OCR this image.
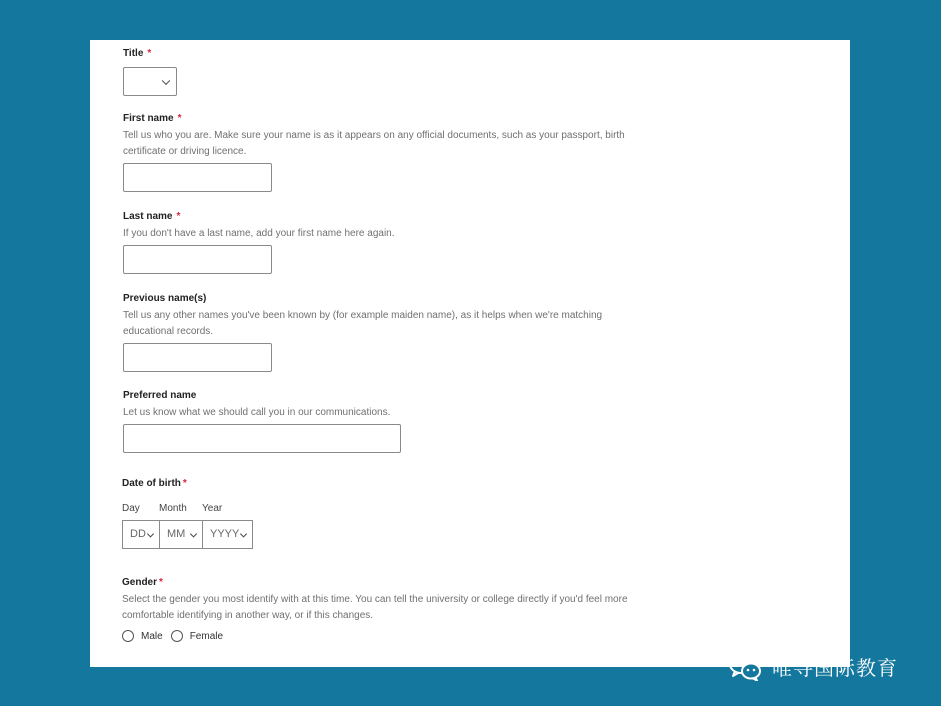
Title *
First name *
Tell us who you are. Make sure your name is as it appears on any official documents, such as your passport, birth
certificate or driving licence.
Last name *
If you don't have a last name, add your first name here again.
Previous name(s)
Tell us any other names you've been known by (for example maiden name), as it helps when we're matching
educational records.
Preferred name
Let us know what we should call you in our communications.
Date of birth *
Day Month Year
DD	MM	YYYY
Gender *
Select the gender you most identify with at this time. You can tell the university or college directly if you'd feel more
comfortable identifying in another way, or if this changes.
Male	Female
唯寻国际教育
